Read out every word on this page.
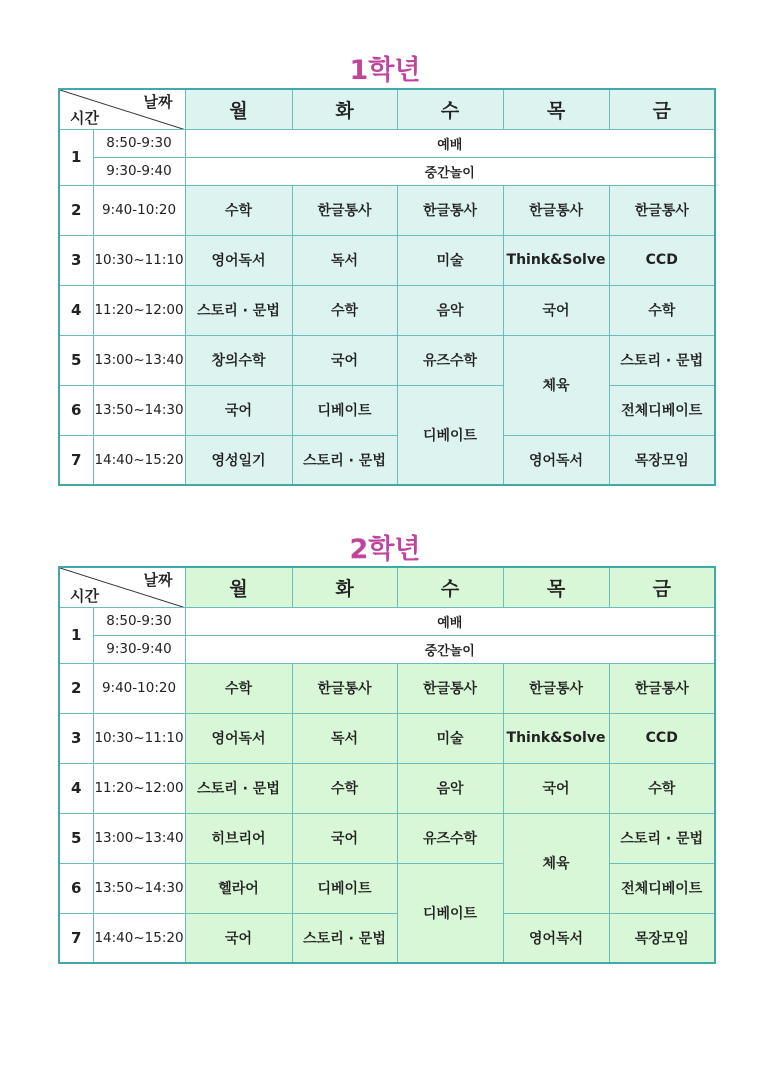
1학년
날짜
시간		월	화	수	목	금
1	8:50-9:30	예배				
	9:30-9:40	중간놀이				
2	9:40-10:20	수학	한글통사	한글통사	한글통사	한글통사
3	10:30~11:10	영어독서	독서	미술	Think&Solve	CCD
4	11:20~12:00	스토리 · 문법	수학	음악	국어	수학
5	13:00~13:40	창의수학	국어	유즈수학	체육	스토리 · 문법
6	13:50~14:30	국어	디베이트	디베이트		전체디베이트
7	14:40~15:20	영성일기	스토리 · 문법		영어독서	목장모임
2학년
날짜
시간		월	화	수	목	금
1	8:50-9:30	예배				
	9:30-9:40	중간놀이				
2	9:40-10:20	수학	한글통사	한글통사	한글통사	한글통사
3	10:30~11:10	영어독서	독서	미술	Think&Solve	CCD
4	11:20~12:00	스토리 · 문법	수학	음악	국어	수학
5	13:00~13:40	히브리어	국어	유즈수학	체육	스토리 · 문법
6	13:50~14:30	헬라어	디베이트	디베이트		전체디베이트
7	14:40~15:20	국어	스토리 · 문법		영어독서	목장모임
